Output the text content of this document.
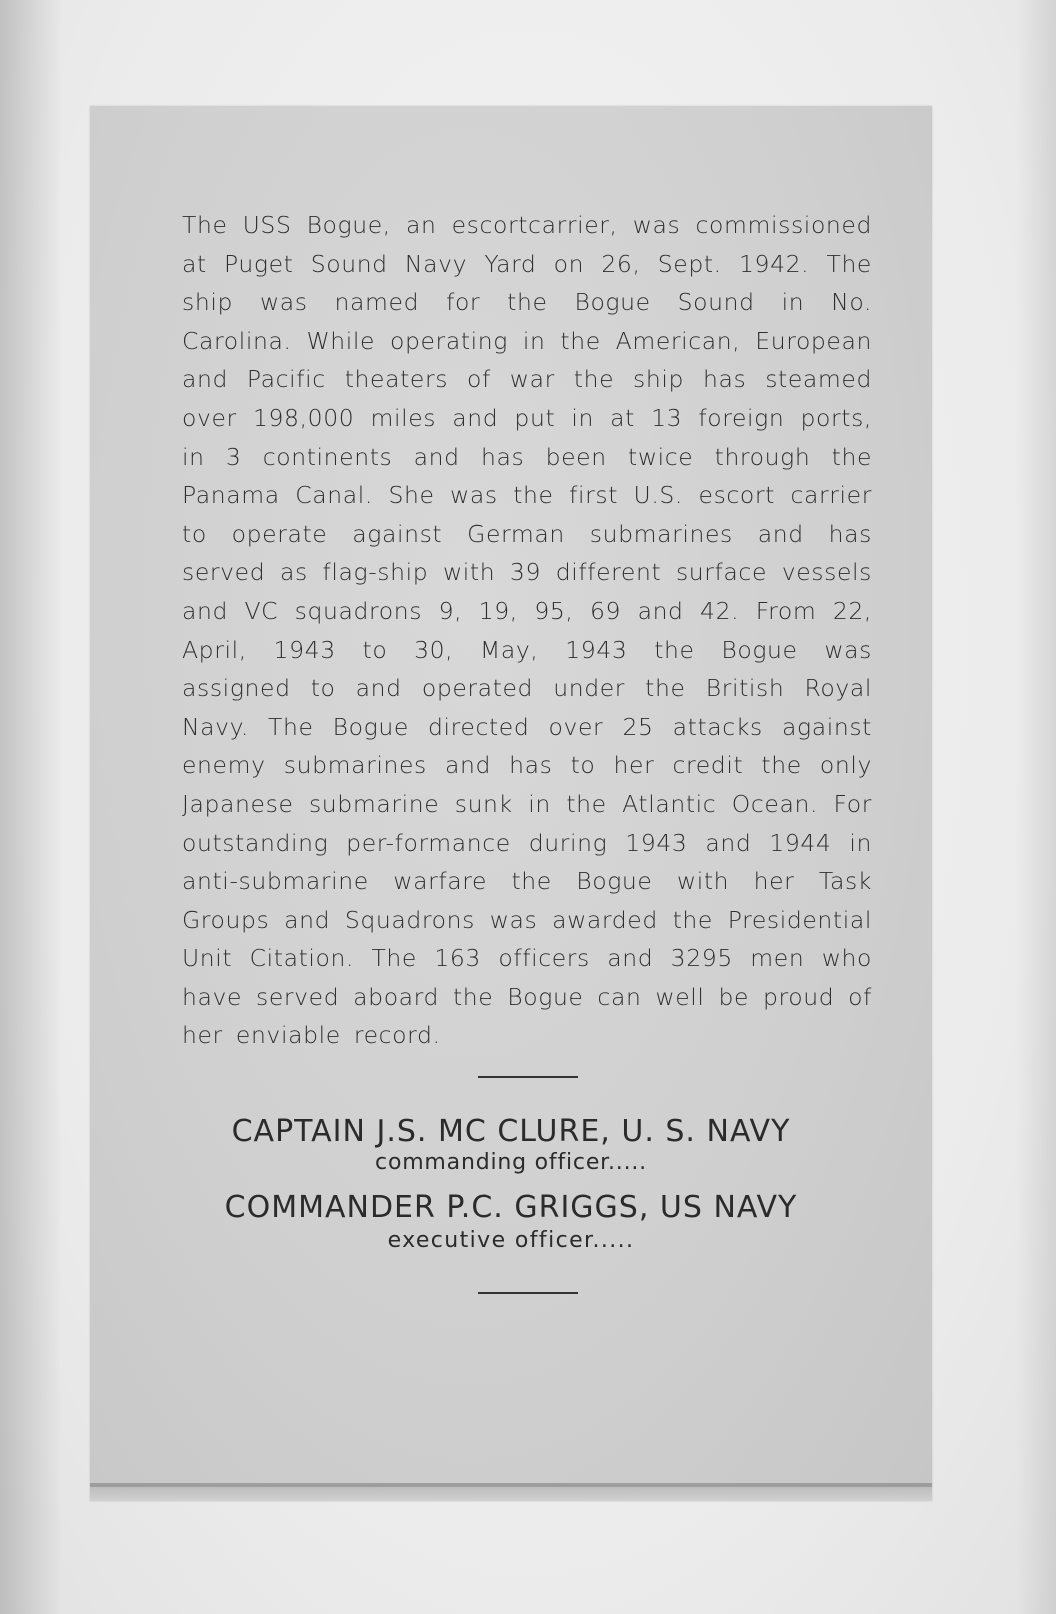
The USS Bogue, an escortcarrier, was commissioned at Puget Sound Navy Yard on 26, Sept. 1942. The ship was named for the Bogue Sound in No. Carolina. While operating in the American, European and Pacific theaters of war the ship has steamed over 198,000 miles and put in at 13 foreign ports, in 3 continents and has been twice through the Panama Canal. She was the first U.S. escort carrier to operate against German submarines and has served as flag-ship with 39 different surface vessels and VC squadrons 9, 19, 95, 69 and 42. From 22, April, 1943 to 30, May, 1943 the Bogue was assigned to and operated under the British Royal Navy. The Bogue directed over 25 attacks against enemy submarines and has to her credit the only Japanese submarine sunk in the Atlantic Ocean. For outstanding per-formance during 1943 and 1944 in anti-submarine warfare the Bogue with her Task Groups and Squadrons was awarded the Presidential Unit Citation. The 163 officers and 3295 men who have served aboard the Bogue can well be proud of her enviable record.

CAPTAIN J.S. MC CLURE, U. S. NAVY
commanding officer.....
COMMANDER P.C. GRIGGS, US NAVY
executive officer.....
